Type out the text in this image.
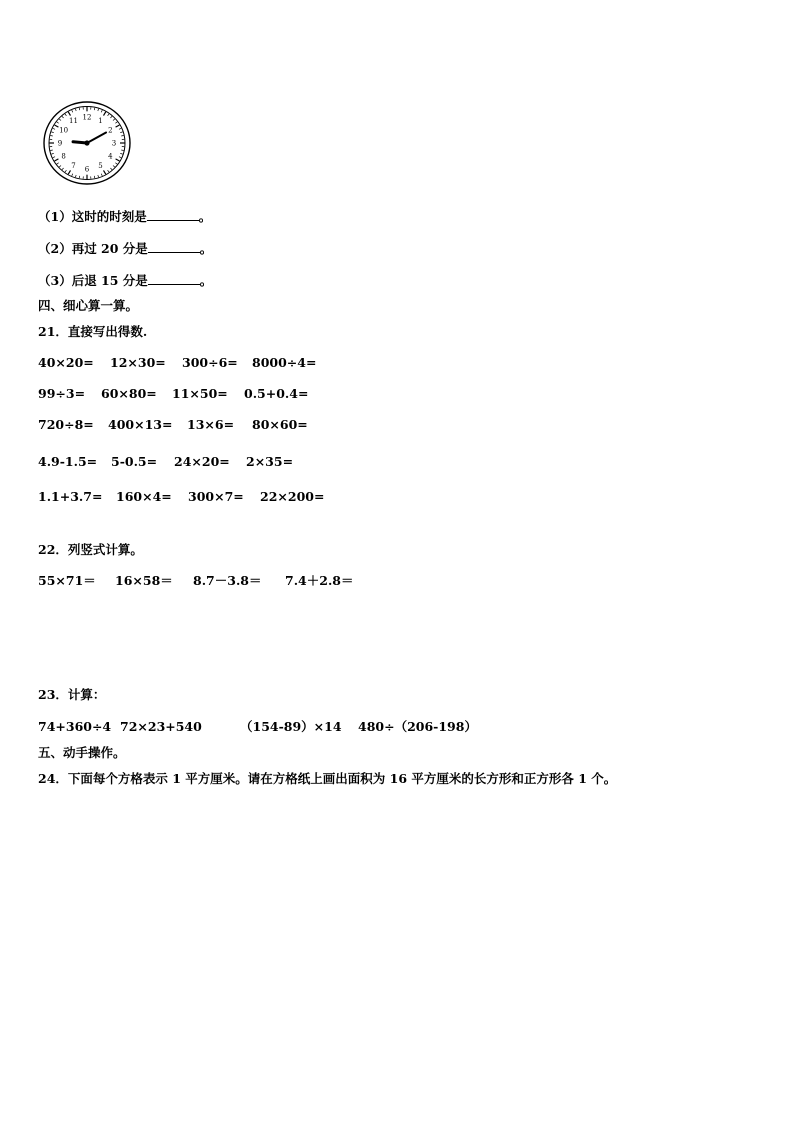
12 1
2
3
4
5
6
7
8
9
10
11
（1）这时的时刻是	。
（2）再过 20 分是	。
（3）后退 15 分是	。
四、细心算一算。
21．直接写出得数.
40×20= 12×30= 300÷6= 8000÷4=
99÷3= 60×80= 11×50= 0.5+0.4=
720÷8= 400×13= 13×6= 80×60=
4.9-1.5= 5-0.5= 24×20= 2×35=
1.1+3.7= 160×4= 300×7= 22×200=
22．列竖式计算。
55×71＝ 16×58＝ 8.7－3.8＝ 7.4＋2.8＝
23．计算：
74+360÷4 72×23+540	（154-89）×14 480÷（206-198）
五、动手操作。
24．下面每个方格表示 1 平方厘米。请在方格纸上画出面积为 16 平方厘米的长方形和正方形各 1 个。
